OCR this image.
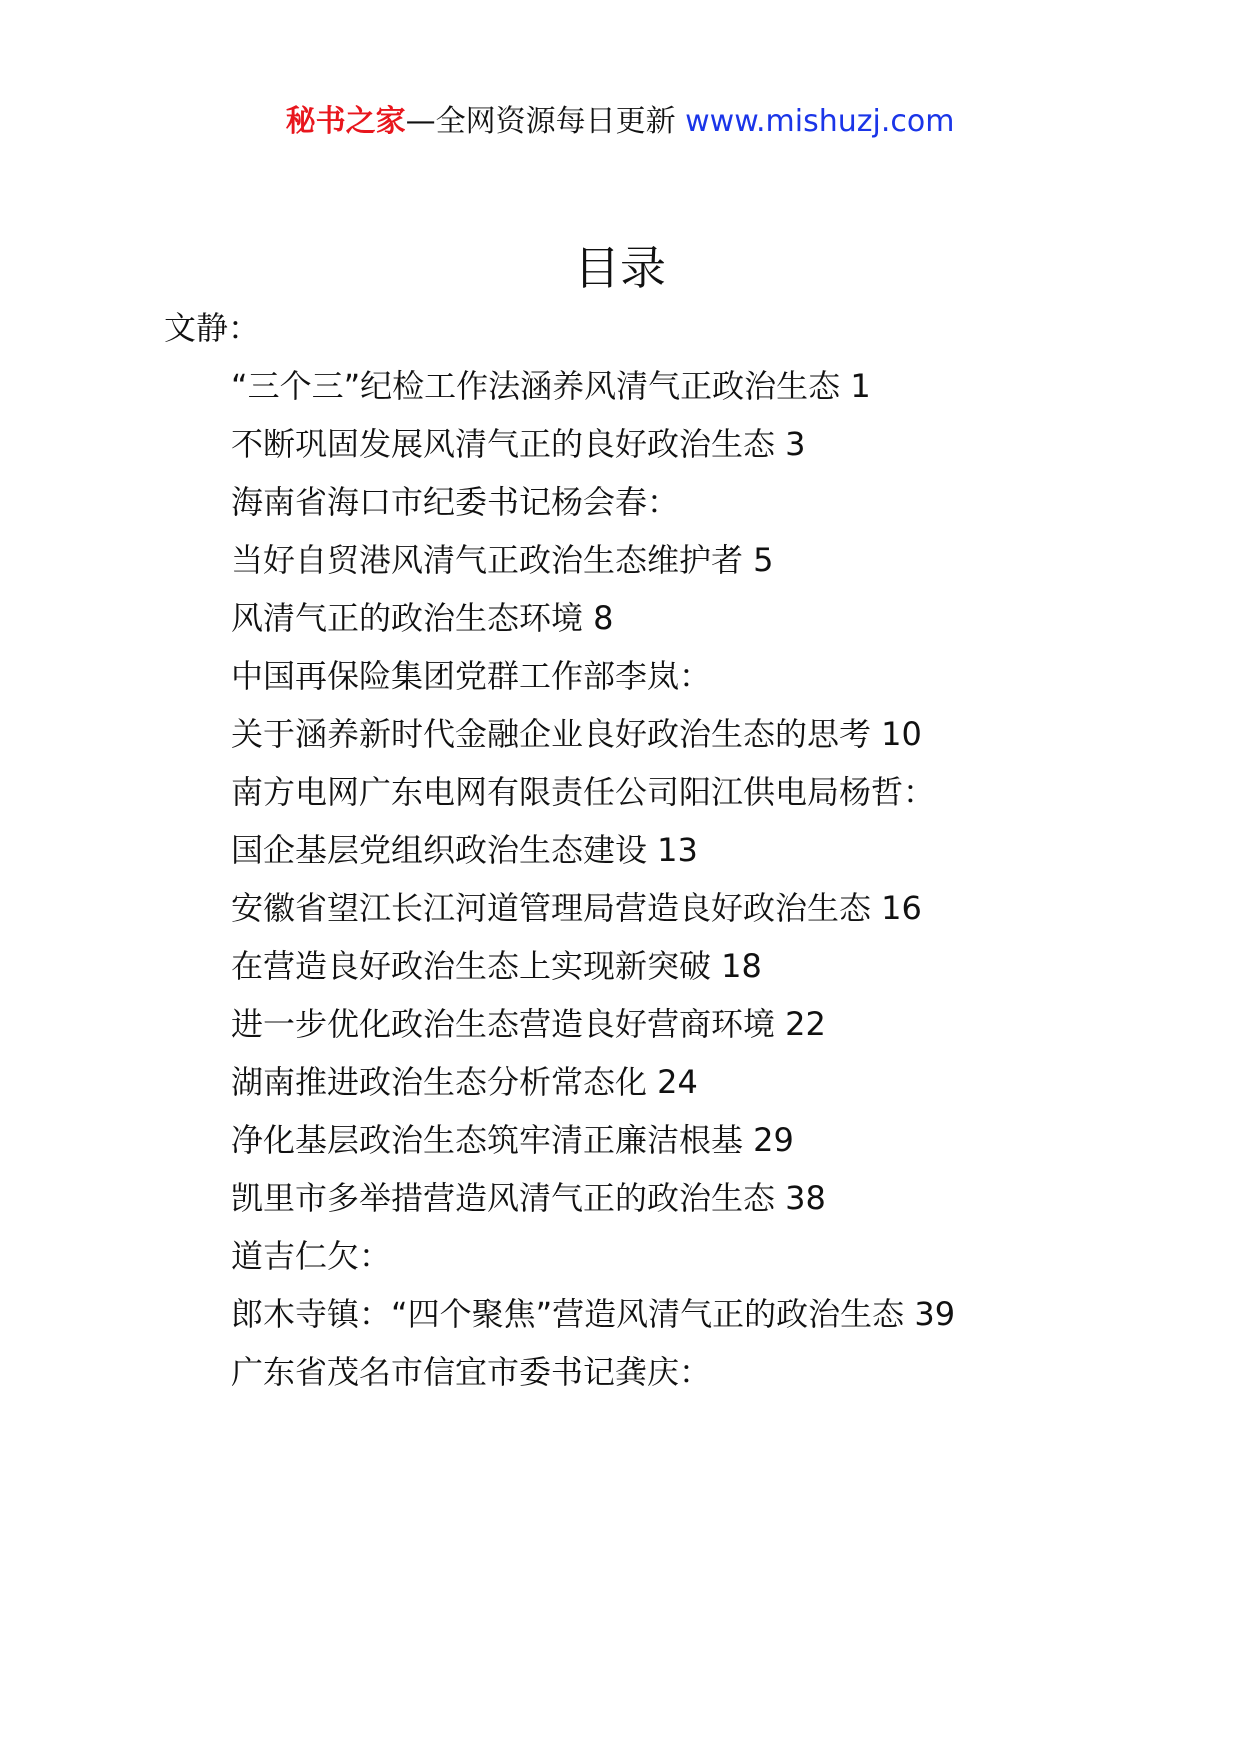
秘书之家—全网资源每日更新 www.mishuzj.com
目录
文静：
“三个三”纪检工作法涵养风清气正政治生态 1
不断巩固发展风清气正的良好政治生态 3
海南省海口市纪委书记杨会春：
当好自贸港风清气正政治生态维护者 5
风清气正的政治生态环境 8
中国再保险集团党群工作部李岚：
关于涵养新时代金融企业良好政治生态的思考 10
南方电网广东电网有限责任公司阳江供电局杨哲：
国企基层党组织政治生态建设 13
安徽省望江长江河道管理局营造良好政治生态 16
在营造良好政治生态上实现新突破 18
进一步优化政治生态营造良好营商环境 22
湖南推进政治生态分析常态化 24
净化基层政治生态筑牢清正廉洁根基 29
凯里市多举措营造风清气正的政治生态 38
道吉仁欠：
郎木寺镇：“四个聚焦”营造风清气正的政治生态 39
广东省茂名市信宜市委书记龚庆：
